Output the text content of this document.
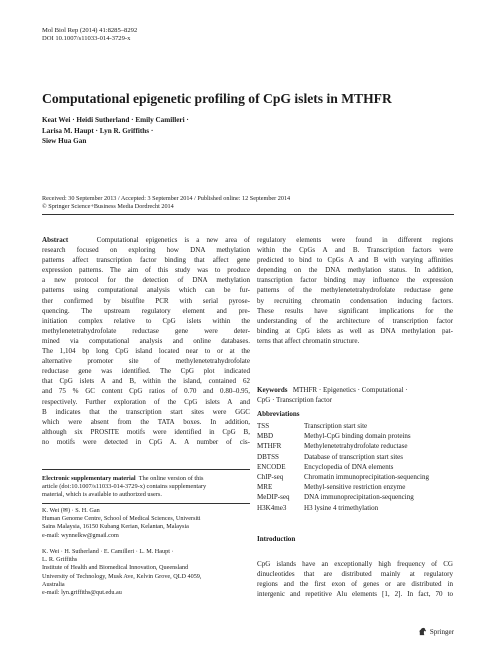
Mol Biol Rep (2014) 41:8285–8292
DOI 10.1007/s11033-014-3729-x
Computational epigenetic profiling of CpG islets in MTHFR
Keat Wei · Heidi Sutherland · Emily Camilleri ·
Larisa M. Haupt · Lyn R. Griffiths ·
Siew Hua Gan
Received: 30 September 2013 / Accepted: 3 September 2014 / Published online: 12 September 2014
© Springer Science+Business Media Dordrecht 2014
Abstract	Computational epigenetics is a new area of
research focused on exploring how DNA methylation
patterns affect transcription factor binding that affect gene
expression patterns. The aim of this study was to produce
a new protocol for the detection of DNA methylation
patterns using computational analysis which can be fur-
ther confirmed by bisulfite PCR with serial pyrose-
quencing. The upstream regulatory element and pre-
initiation complex relative to CpG islets within the
methylenetetrahydrofolate reductase gene were deter-
mined via computational analysis and online databases.
The 1,104 bp long CpG island located near to or at the
alternative promoter site of methylenetetrahydrofolate
reductase gene was identified. The CpG plot indicated
that CpG islets A and B, within the island, contained 62
and 75 % GC content CpG ratios of 0.70 and 0.80–0.95,
respectively. Further exploration of the CpG islets A and
B indicates that the transcription start sites were GGC
which were absent from the TATA boxes. In addition,
although six PROSITE motifs were identified in CpG B,
no motifs were detected in CpG A. A number of cis-
regulatory elements were found in different regions
within the CpGs A and B. Transcription factors were
predicted to bind to CpGs A and B with varying affinities
depending on the DNA methylation status. In addition,
transcription factor binding may influence the expression
patterns of the methylenetetrahydrofolate reductase gene
by recruiting chromatin condensation inducing factors.
These results have significant implications for the
understanding of the architecture of transcription factor
binding at CpG islets as well as DNA methylation pat-
terns that affect chromatin structure.
Keywords MTHFR · Epigenetics · Computational ·
CpG · Transcription factor
Abbreviations
TSS	Transcription start site
MBD	Methyl-CpG binding domain proteins
MTHFR	Methylenetetrahydrofolate reductase
DBTSS	Database of transcription start sites
ENCODE	Encyclopedia of DNA elements
ChIP-seq	Chromatin immunoprecipitation-sequencing
MRE	Methyl-sensitive restriction enzyme
MeDIP-seq	DNA immunoprecipitation-sequencing
H3K4me3	H3 lysine 4 trimethylation
Electronic supplementary material The online version of this
article (doi:10.1007/s11033-014-3729-x) contains supplementary
material, which is available to authorized users.
K. Wei (✉) · S. H. Gan
Human Genome Centre, School of Medical Sciences, Universiti
Sains Malaysia, 16150 Kubang Kerian, Kelantan, Malaysia
e-mail: wynnelkw@gmail.com
K. Wei · H. Sutherland · E. Camilleri · L. M. Haupt ·
L. R. Griffiths
Institute of Health and Biomedical Innovation, Queensland
University of Technology, Musk Ave, Kelvin Grove, QLD 4059,
Australia
e-mail: lyn.griffiths@qut.edu.au
Introduction
CpG islands have an exceptionally high frequency of CG
dinucleotides that are distributed mainly at regulatory
regions and the first exon of genes or are distributed in
intergenic and repetitive Alu elements [1, 2]. In fact, 70 to
Springer
